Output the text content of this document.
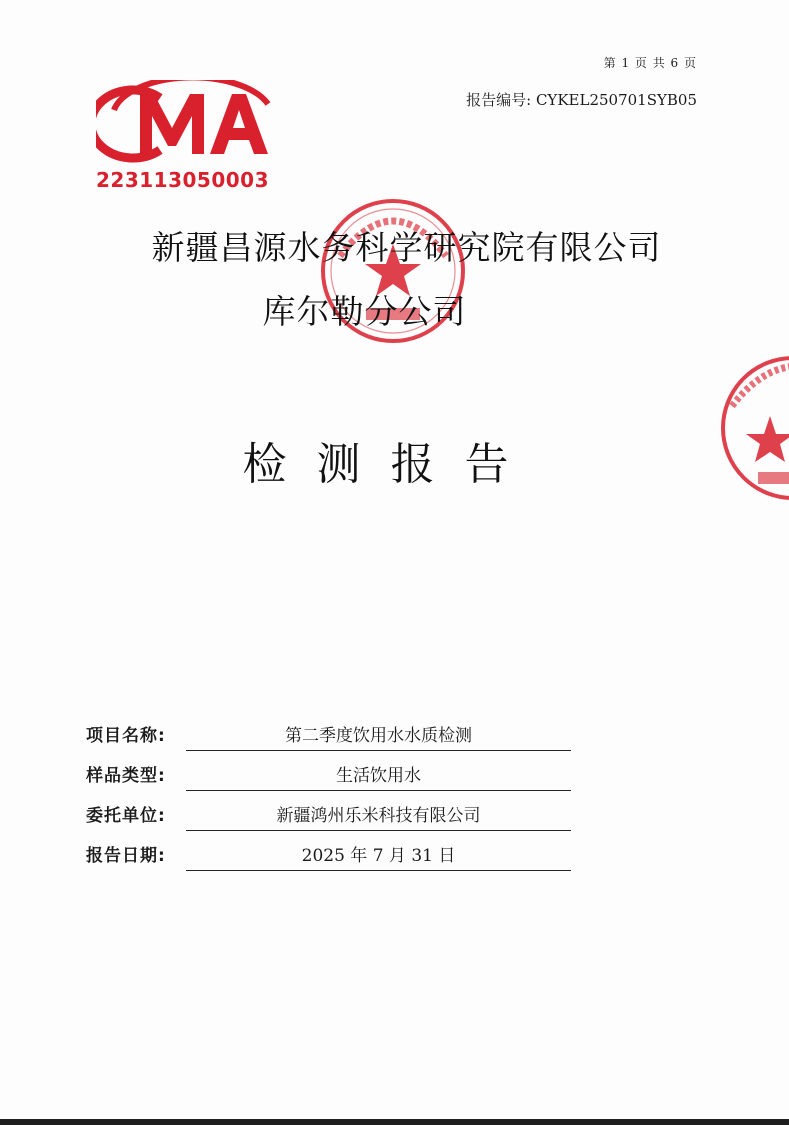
第 1 页 共 6 页
报告编号: CYKEL250701SYB05
223113050003
新疆昌源水务科学研究院有限公司
库尔勒分公司
检测报告
项目名称:	第二季度饮用水水质检测
样品类型:	生活饮用水
委托单位:	新疆鸿州乐米科技有限公司
报告日期:	2025 年 7 月 31 日
